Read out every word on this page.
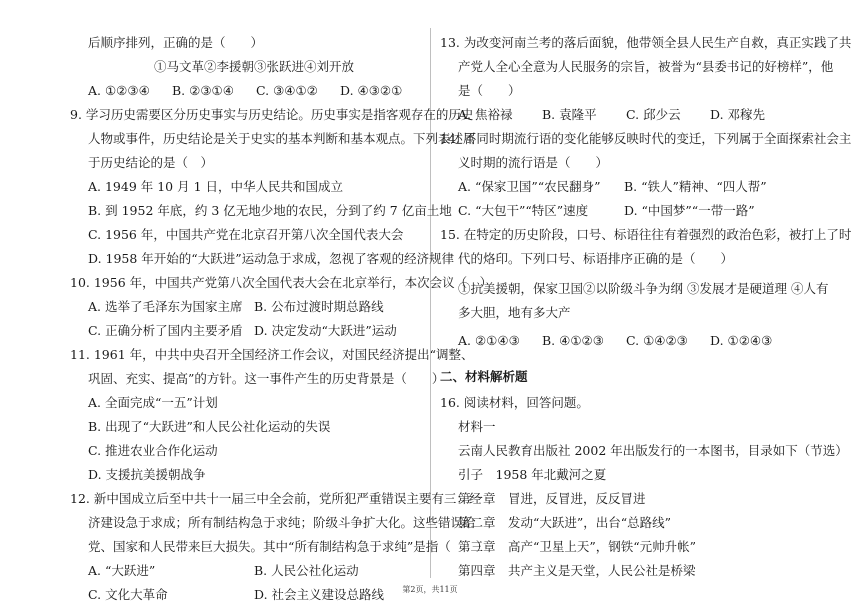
后顺序排列，正确的是（　　）
①马文革②李援朝③张跃进④刘开放
A. ①②③④	B. ②③①④	C. ③④①②	D. ④③②①
9. 学习历史需要区分历史事实与历史结论。历史事实是指客观存在的历史
人物或事件，历史结论是关于史实的基本判断和基本观点。下列表述属
于历史结论的是（　）
A. 1949 年 10 月 1 日，中华人民共和国成立
B. 到 1952 年底，约 3 亿无地少地的农民，分到了约 7 亿亩土地
C. 1956 年，中国共产党在北京召开第八次全国代表大会
D. 1958 年开始的“大跃进”运动急于求成，忽视了客观的经济规律
10. 1956 年，中国共产党第八次全国代表大会在北京举行，本次会议（　）
A. 选举了毛泽东为国家主席 B. 公布过渡时期总路线
C. 正确分析了国内主要矛盾 D. 决定发动“大跃进”运动
11. 1961 年，中共中央召开全国经济工作会议，对国民经济提出“调整、
巩固、充实、提高”的方针。这一事件产生的历史背景是（　　）
A. 全面完成“一五”计划
B. 出现了“大跃进”和人民公社化运动的失误
C. 推进农业合作化运动
D. 支援抗美援朝战争
12. 新中国成立后至中共十一届三中全会前，党所犯严重错误主要有三：经
济建设急于求成；所有制结构急于求纯；阶级斗争扩大化。这些错误给
党、国家和人民带来巨大损失。其中“所有制结构急于求纯”是指（　　）
A. “大跃进”	B. 人民公社化运动
C. 文化大革命	D. 社会主义建设总路线
13. 为改变河南兰考的落后面貌，他带领全县人民生产自救，真正实践了共
产党人全心全意为人民服务的宗旨，被誉为“县委书记的好榜样”，他
是（　　）
A. 焦裕禄	B. 袁隆平	C. 邱少云	D. 邓稼先
14. 不同时期流行语的变化能够反映时代的变迁，下列属于全面探索社会主
义时期的流行语是（　　）
A. “保家卫国”“农民翻身”	B. “铁人”精神、“四人帮”
C. “大包干”“特区”速度	D. “中国梦”“一带一路”
15. 在特定的历史阶段，口号、标语往往有着强烈的政治色彩，被打上了时
代的烙印。下列口号、标语排序正确的是（　　）
①抗美援朝，保家卫国②以阶级斗争为纲 ③发展才是硬道理 ④人有
多大胆，地有多大产
A. ②①④③	B. ④①②③	C. ①④②③	D. ①②④③
二、材料解析题
16. 阅读材料，回答问题。
材料一
云南人民教育出版社 2002 年出版发行的一本图书，目录如下（节选）
引子　1958 年北戴河之夏
第一章　冒进，反冒进，反反冒进
第二章　发动“大跃进”，出台“总路线”
第三章　高产“卫星上天”，钢铁“元帅升帐”
第四章　共产主义是天堂，人民公社是桥梁
第2页，共11页
